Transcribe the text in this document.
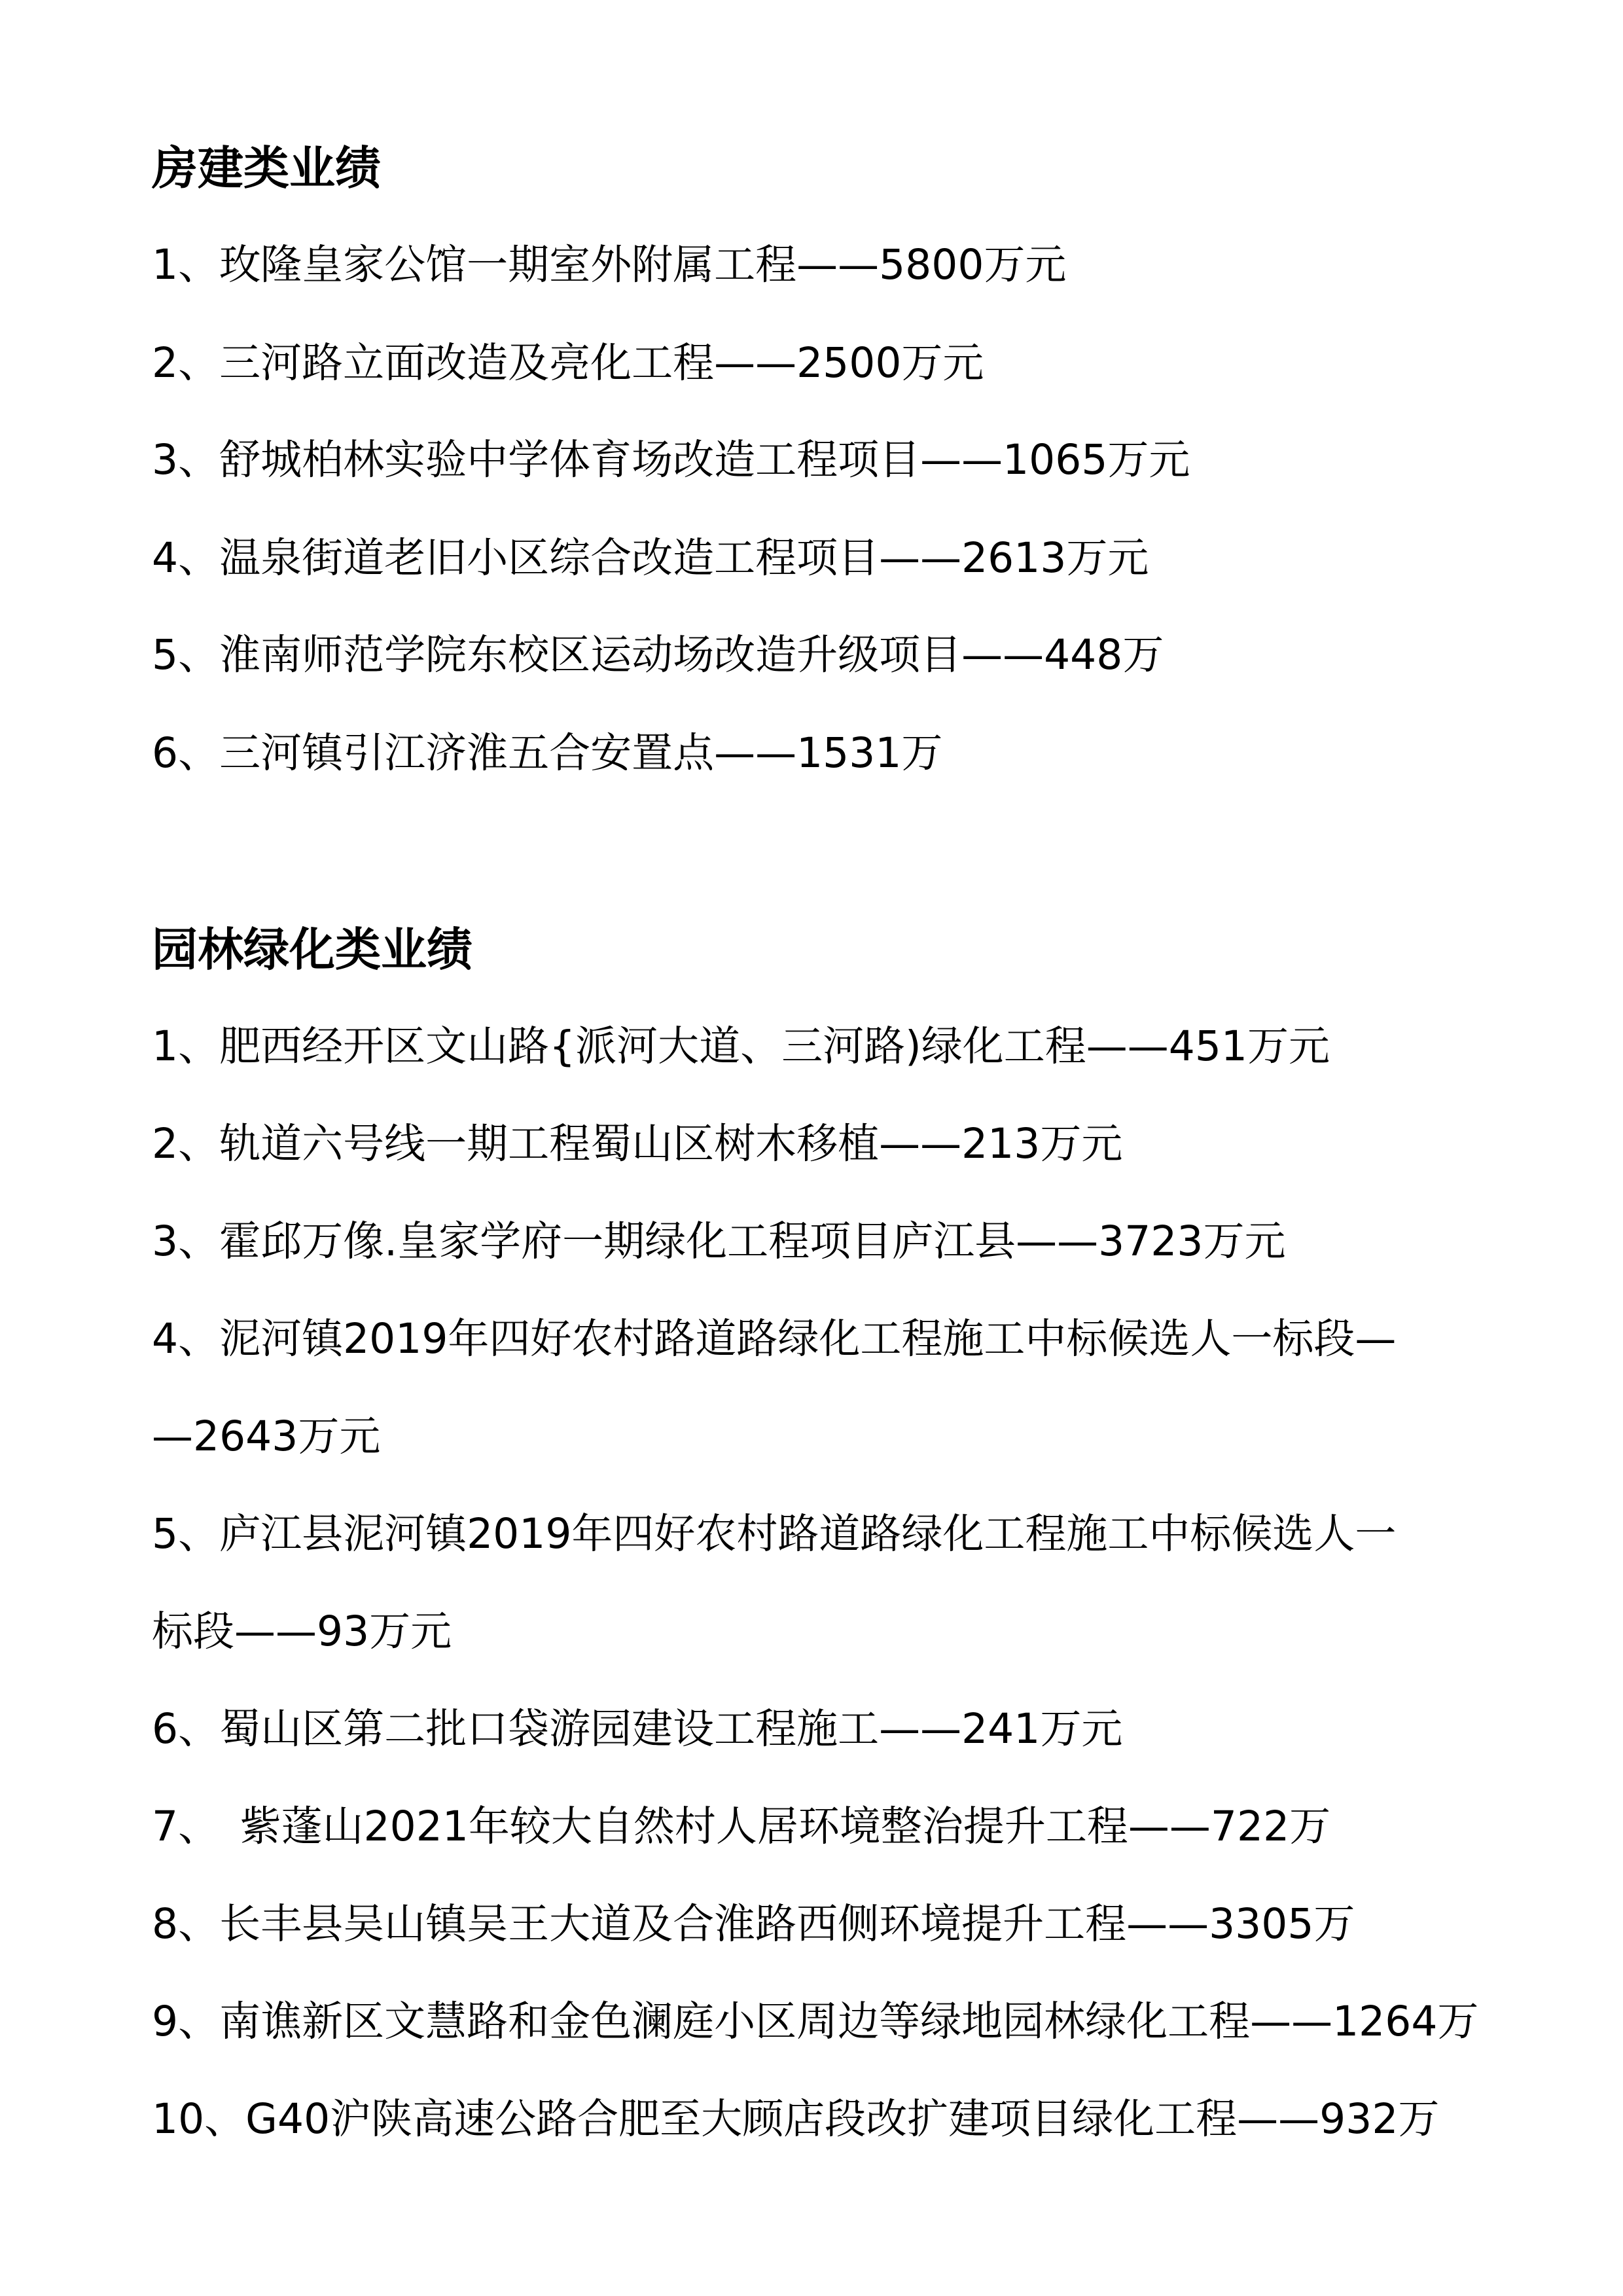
房建类业绩
1、玫隆皇家公馆一期室外附属工程——5800万元
2、三河路立面改造及亮化工程——2500万元
3、舒城柏林实验中学体育场改造工程项目——1065万元
4、温泉街道老旧小区综合改造工程项目——2613万元
5、淮南师范学院东校区运动场改造升级项目——448万
6、三河镇引江济淮五合安置点——1531万
园林绿化类业绩
1、肥西经开区文山路{派河大道、三河路)绿化工程——451万元
2、轨道六号线一期工程蜀山区树木移植——213万元
3、霍邱万像.皇家学府一期绿化工程项目庐江县——3723万元
4、泥河镇2019年四好农村路道路绿化工程施工中标候选人一标段—
—2643万元
5、庐江县泥河镇2019年四好农村路道路绿化工程施工中标候选人一
标段——93万元
6、蜀山区第二批口袋游园建设工程施工——241万元
7、　紫蓬山2021年较大自然村人居环境整治提升工程——722万
8、长丰县吴山镇吴王大道及合淮路西侧环境提升工程——3305万
9、南谯新区文慧路和金色澜庭小区周边等绿地园林绿化工程——1264万
10、G40沪陕高速公路合肥至大顾店段改扩建项目绿化工程——932万
